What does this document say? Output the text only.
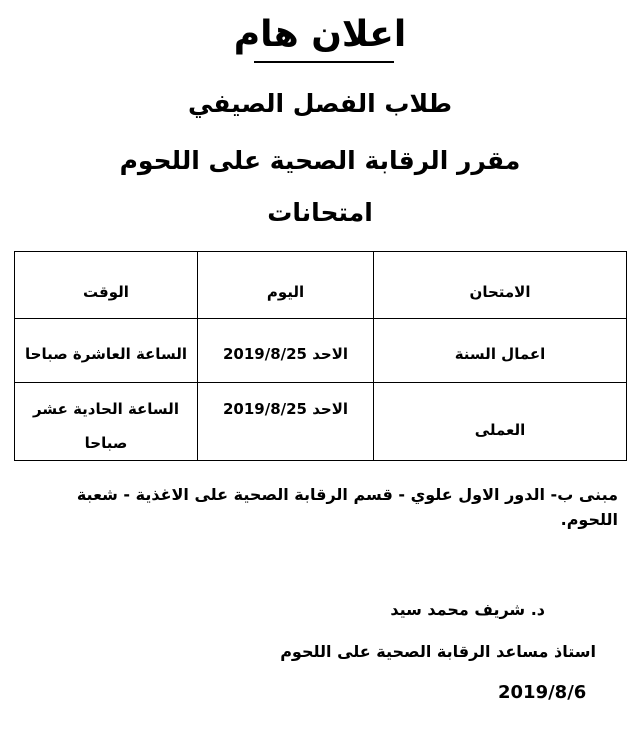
اعلان هام
طلاب الفصل الصيفي
مقرر الرقابة الصحية على اللحوم
امتحانات
الامتحان
اليوم
الوقت
اعمال السنة
الاحد 2019/8/25
الساعة العاشرة صباحا
العملى
الاحد 2019/8/25
الساعة الحادية عشر
صباحا
مبنى ب- الدور الاول علوي - قسم الرقابة الصحية على الاغذية - شعبة اللحوم.
د. شريف محمد سيد
استاذ مساعد الرقابة الصحية على اللحوم
2019/8/6
